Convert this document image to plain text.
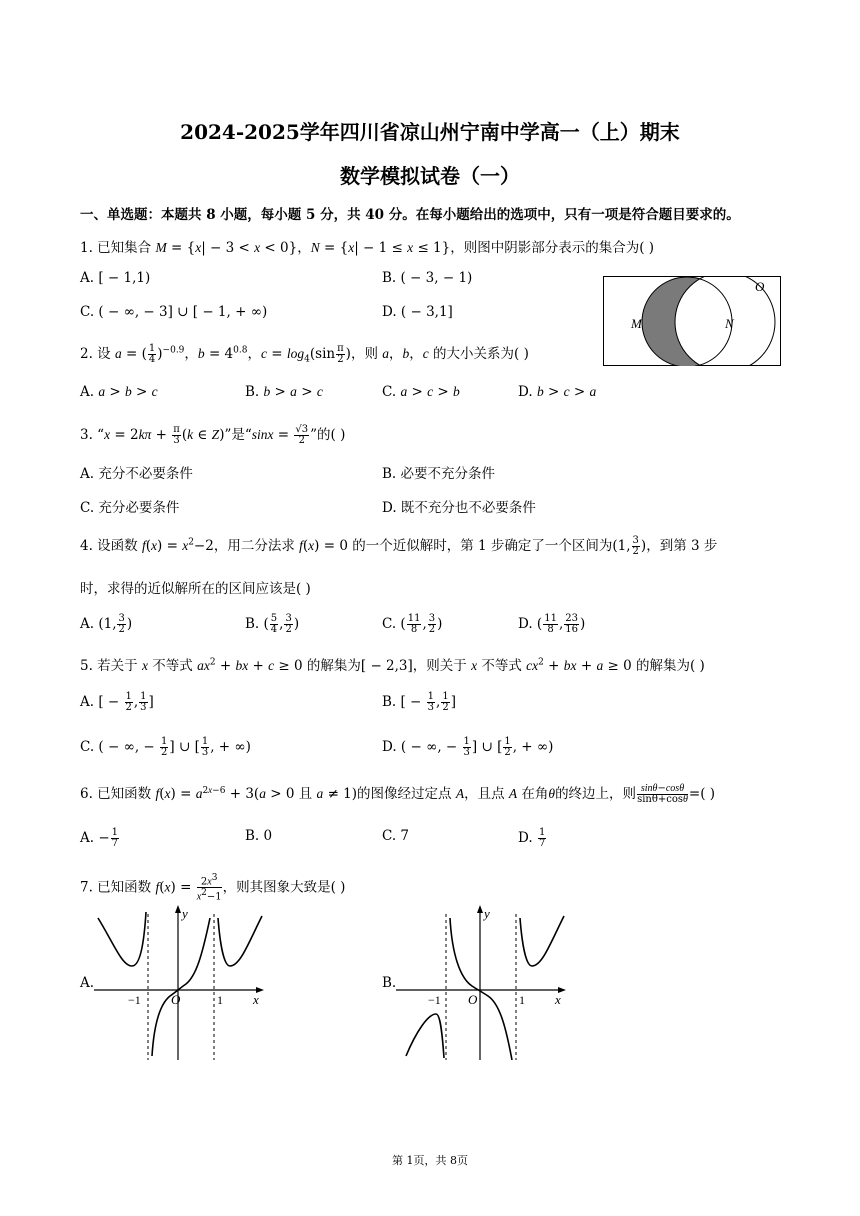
2024-2025学年四川省凉山州宁南中学高一（上）期末
数学模拟试卷（一）
一、单选题：本题共 8 小题，每小题 5 分，共 40 分。在每小题给出的选项中，只有一项是符合题目要求的。
1. 已知集合 M = {x| − 3 < x < 0}，N = {x| − 1 ≤ x ≤ 1}，则图中阴影部分表示的集合为( )
A. [ − 1,1)	B. ( − 3, − 1)
C. ( − ∞, − 3] ∪ [ − 1, + ∞)	D. ( − 3,1]
M	N
O
2. 设 a = ( $\frac{1}{4} )^{-0.9}$，$b = 4^{0.8}$，$c = \log_4(\sin \frac{\pi}{2}$ )，则 a，b，c 的大小关系为( )
A. a > b > c	B. b > a > c	C. a > c > b	D. b > c > a
3. “$x = 2k\pi + \frac{\pi}{3} (k$ ∈ Z)”是“$\sin x = \frac{√3}{2}$ ”的( )
A. 充分不必要条件	B. 必要不充分条件
C. 充分必要条件	D. 既不充分也不必要条件
4. 设函数 $f(x) = x^2-2$，用二分法求 f(x) = 0 的一个近似解时，第 1 步确定了一个区间为(1, $\frac{3}{2}$ )，到第 3 步
时，求得的近似解所在的区间应该是( )
A. (1, $\frac{3}{2}$ )	B. ( $\frac{5}{4}$ , $\frac{3}{2}$ )	C. ( $\frac{11}{8}$ , $\frac{3}{2}$ )	D. ( $\frac{11}{8}$ , $\frac{23}{16}$ )
5. 若关于 x 不等式 $ax^2$ + bx + c ≥ 0 的解集为[ − 2,3]，则关于 x 不等式 $cx^2$ + bx + a ≥ 0 的解集为( )
A. [ − $\frac{1}{2}$ , $\frac{1}{3}$ ]	B. [ − $\frac{1}{3}$ , $\frac{1}{2}$ ]
C. ( − ∞, − $\frac{1}{2}$ ] ∪ [ $\frac{1}{3}$ , + ∞)	D. ( − ∞, − $\frac{1}{3}$ ] ∪ [ $\frac{1}{2}$ , + ∞)
6. 已知函数 $f(x) = a^{2x-6} + 3(a > 0$ 且 a ≠ 1)的图像经过定点 A，且点 A 在角θ的终边上，则 $\frac{\sin\theta-\cos\theta}{\sin\theta+\cos\theta}$ =( )
A. − $\frac{1}{7}$	B. 0	C. 7	D. $\frac{1}{7}$
7. 已知函数 $f(x) = \frac{2x^3}{x^2-1}$ ，则其图象大致是( )
A.
y
x
−1 O	1
B.
y
x
−1 O	1
第 1页，共 8页
